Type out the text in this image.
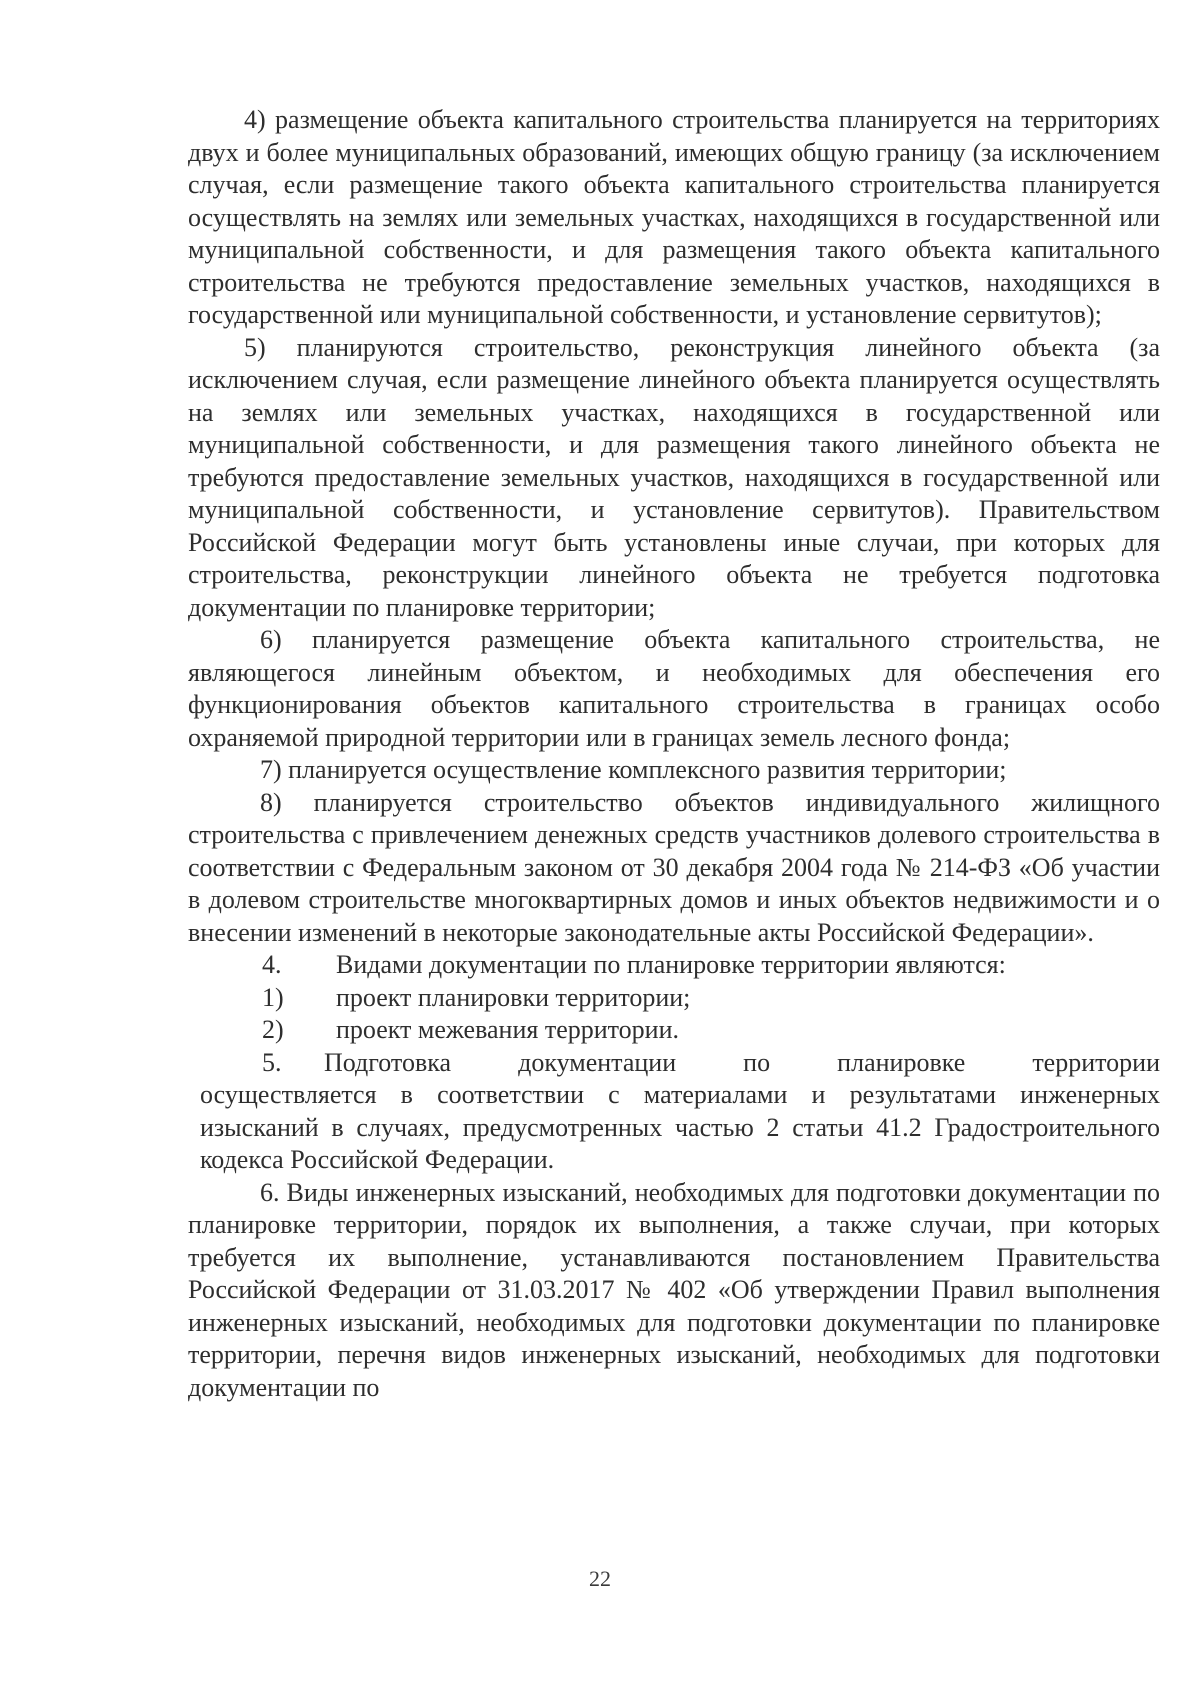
4) размещение объекта капитального строительства планируется на территориях двух и более муниципальных образований, имеющих общую границу (за исключением случая, если размещение такого объекта капитального строительства планируется осуществлять на землях или земельных участках, находящихся в государственной или муниципальной собственности, и для размещения такого объекта капитального строительства не требуются предоставление земельных участков, находящихся в государственной или муниципальной собственности, и установление сервитутов);

5) планируются строительство, реконструкция линейного объекта (за исключением случая, если размещение линейного объекта планируется осуществлять на землях или земельных участках, находящихся в государственной или муниципальной собственности, и для размещения такого линейного объекта не требуются предоставление земельных участков, находящихся в государственной или муниципальной собственности, и установление сервитутов). Правительством Российской Федерации могут быть установлены иные случаи, при которых для строительства, реконструкции линейного объекта не требуется подготовка документации по планировке территории;

6) планируется размещение объекта капитального строительства, не являющегося линейным объектом, и необходимых для обеспечения его функционирования объектов капитального строительства в границах особо охраняемой природной территории или в границах земель лесного фонда;

7) планируется осуществление комплексного развития территории;

8) планируется строительство объектов индивидуального жилищного строительства с привлечением денежных средств участников долевого строительства в соответствии с Федеральным законом от 30 декабря 2004 года № 214-ФЗ «Об участии в долевом строительстве многоквартирных домов и иных объектов недвижимости и о внесении изменений в некоторые законодательные акты Российской Федерации».

4. Видами документации по планировке территории являются:

1) проект планировки территории;

2) проект межевания территории.

5. Подготовка документации по планировке территории
осуществляется в соответствии с материалами и результатами инженерных изысканий в случаях, предусмотренных частью 2 статьи 41.2 Градостроительного кодекса Российской Федерации.

6. Виды инженерных изысканий, необходимых для подготовки документации по планировке территории, порядок их выполнения, а также случаи, при которых требуется их выполнение, устанавливаются постановлением Правительства Российской Федерации от 31.03.2017 № 402 «Об утверждении Правил выполнения инженерных изысканий, необходимых для подготовки документации по планировке территории, перечня видов инженерных изысканий, необходимых для подготовки документации по

22
